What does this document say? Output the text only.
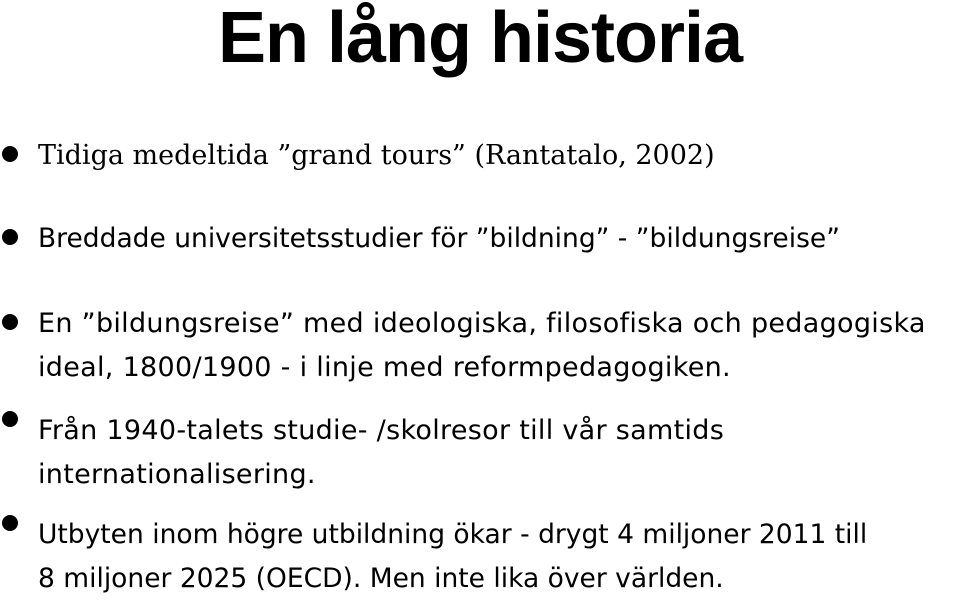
En lång historia
Tidiga medeltida ”grand tours” (Rantatalo, 2002)
Breddade universitetsstudier för ”bildning” - ”bildungsreise”
En ”bildungsreise” med ideologiska, filosofiska och pedagogiska
ideal, 1800/1900 - i linje med reformpedagogiken.
Från 1940-talets studie- /skolresor till vår samtids
internationalisering.
Utbyten inom högre utbildning ökar - drygt 4 miljoner 2011 till
8 miljoner 2025 (OECD). Men inte lika över världen.
